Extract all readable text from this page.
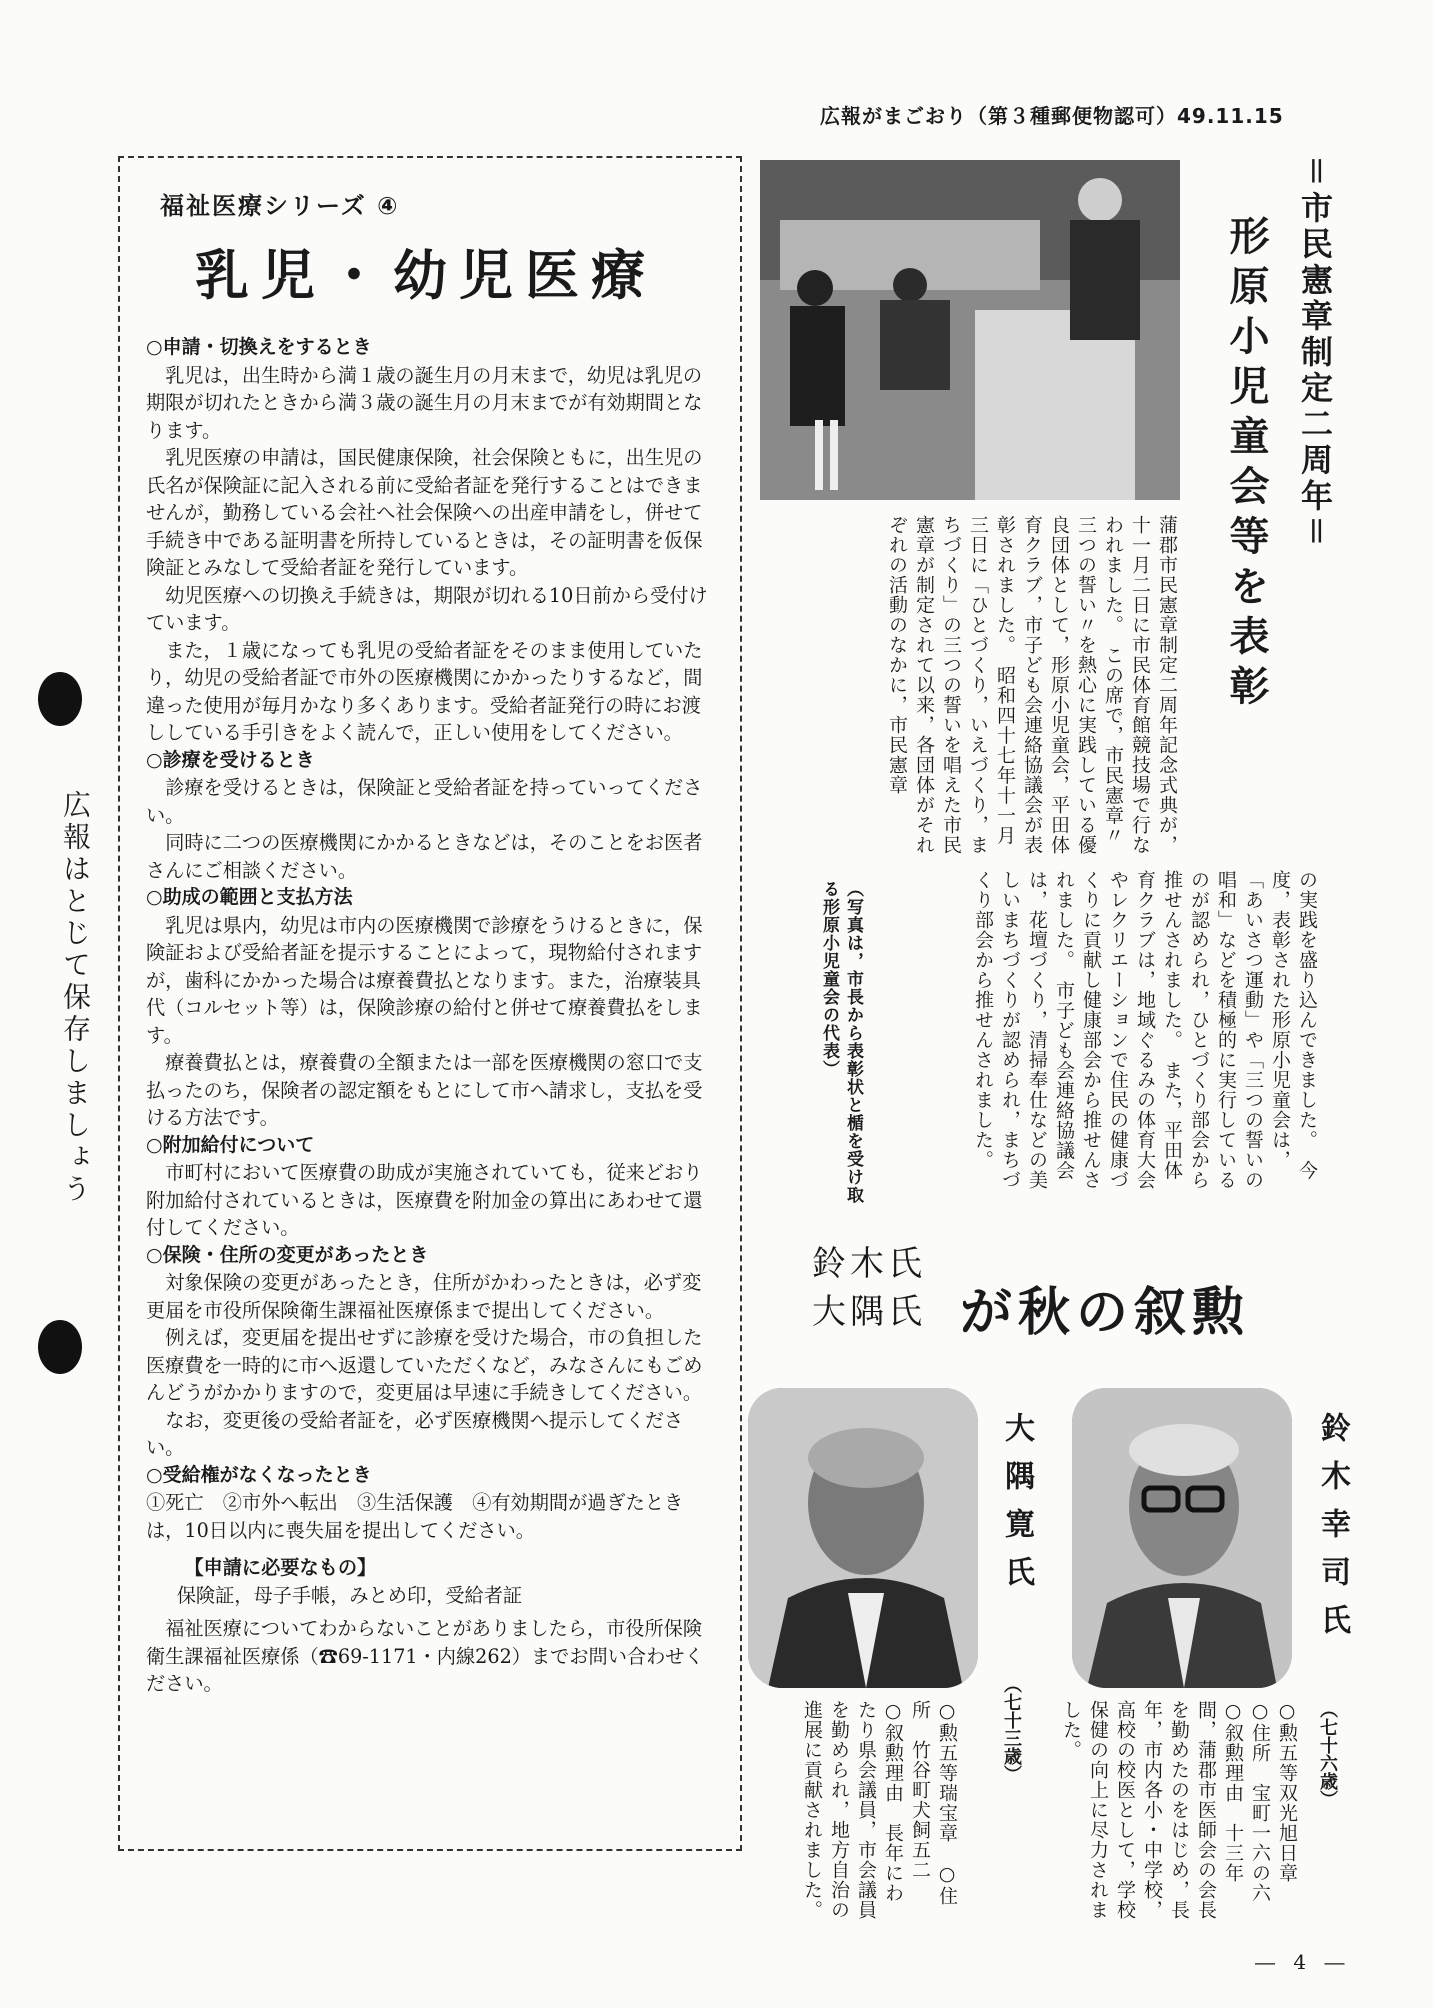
広報がまごおり（第３種郵便物認可）49.11.15
広報はとじて保存しましょう
福祉医療シリーズ ④
乳児・幼児医療
○申請・切換えをするとき

乳児は，出生時から満１歳の誕生月の月末まで，幼児は乳児の期限が切れたときから満３歳の誕生月の月末までが有効期間となります。

乳児医療の申請は，国民健康保険，社会保険ともに，出生児の氏名が保険証に記入される前に受給者証を発行することはできませんが，勤務している会社へ社会保険への出産申請をし，併せて手続き中である証明書を所持しているときは，その証明書を仮保険証とみなして受給者証を発行しています。

幼児医療への切換え手続きは，期限が切れる10日前から受付けています。

また，１歳になっても乳児の受給者証をそのまま使用していたり，幼児の受給者証で市外の医療機関にかかったりするなど，間違った使用が毎月かなり多くあります。受給者証発行の時にお渡ししている手引きをよく読んで，正しい使用をしてください。

○診療を受けるとき

診療を受けるときは，保険証と受給者証を持っていってください。

同時に二つの医療機関にかかるときなどは，そのことをお医者さんにご相談ください。

○助成の範囲と支払方法

乳児は県内，幼児は市内の医療機関で診療をうけるときに，保険証および受給者証を提示することによって，現物給付されますが，歯科にかかった場合は療養費払となります。また，治療装具代（コルセット等）は，保険診療の給付と併せて療養費払をします。

療養費払とは，療養費の全額または一部を医療機関の窓口で支払ったのち，保険者の認定額をもとにして市へ請求し，支払を受ける方法です。

○附加給付について

市町村において医療費の助成が実施されていても，従来どおり附加給付されているときは，医療費を附加金の算出にあわせて還付してください。

○保険・住所の変更があったとき

対象保険の変更があったとき，住所がかわったときは，必ず変更届を市役所保険衛生課福祉医療係まで提出してください。

例えば，変更届を提出せずに診療を受けた場合，市の負担した医療費を一時的に市へ返還していただくなど，みなさんにもごめんどうがかかりますので，変更届は早速に手続きしてください。

なお，変更後の受給者証を，必ず医療機関へ提示してください。

○受給権がなくなったとき

①死亡　②市外へ転出　③生活保護　④有効期間が過ぎたときは，10日以内に喪失届を提出してください。

【申請に必要なもの】

保険証，母子手帳，みとめ印，受給者証

福祉医療についてわからないことがありましたら，市役所保険衛生課福祉医療係（☎69-1171・内線262）までお問い合わせください。

＝市民憲章制定二周年＝
形原小児童会等を表彰
蒲郡市民憲章制定二周年記念式典が，十一月二日に市民体育館競技場で行なわれました。　この席で，市民憲章〃三つの誓い〃を熱心に実践している優良団体として，形原小児童会，平田体育クラブ，市子ども会連絡協議会が表彰されました。　昭和四十七年十一月三日に「ひとづくり，いえづくり，まちづくり」の三つの誓いを唱えた市民憲章が制定されて以来，各団体がそれぞれの活動のなかに，市民憲章
の実践を盛り込んできました。　今度，表彰された形原小児童会は，「あいさつ運動」や「三つの誓いの唱和」などを積極的に実行しているのが認められ，ひとづくり部会から推せんされました。　また，平田体育クラブは，地域ぐるみの体育大会やレクリエーションで住民の健康づくりに貢献し健康部会から推せんされました。　市子ども会連絡協議会は，花壇づくり，清掃奉仕などの美しいまちづくりが認められ，まちづくり部会から推せんされました。
（写真は，市長から表彰状と楯を受け取る形原小児童会の代表）
鈴木氏
大隅氏 が秋の叙勲
大隅寛氏
（七十三歳）
○勲五等瑞宝章　○住所　竹谷町犬飼五二　○叙勲理由　長年にわたり県会議員，市会議員を勤められ，地方自治の進展に貢献されました。
鈴木幸司氏
（七十六歳）
○勲五等双光旭日章　○住所　宝町一六の六　○叙勲理由　十三年間，蒲郡市医師会の会長を勤めたのをはじめ，長年，市内各小・中学校，高校の校医として，学校保健の向上に尽力されました。
― 4 ―
